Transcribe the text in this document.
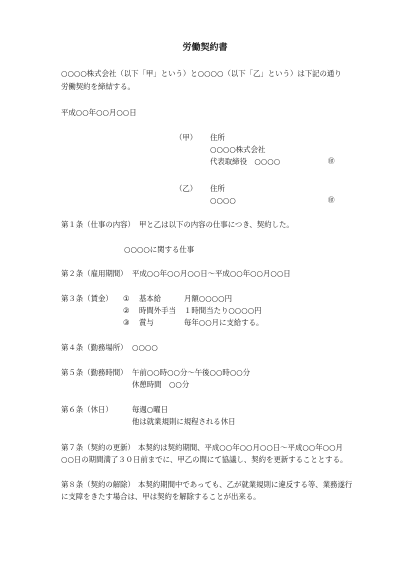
労働契約書
○○○○株式会社（以下「甲」という）と○○○○（以下「乙」という）は下記の通り
労働契約を締結する。
平成○○年○○月○○日
（甲） 住所
○○○○株式会社
代表取締役　○○○○	㊞
（乙） 住所
○○○○	㊞
第１条（仕事の内容） 甲と乙は以下の内容の仕事につき、契約した。
○○○○に関する仕事
第２条（雇用期間） 平成○○年○○月○○日～平成○○年○○月○○日
第３条（賃金） ① 基本給	月額○○○○円
② 時間外手当 １時間当たり○○○○円
③ 賞与	毎年○○月に支給する。
第４条（勤務場所） ○○○○
第５条（勤務時間） 午前○○時○○分～午後○○時○○分
休憩時間　○○分
第６条（休日）	毎週○曜日
他は就業規則に規程される休日
第７条（契約の更新） 本契約は契約期間、平成○○年○○月○○日～平成○○年○○月
○○日の期間満了３０日前までに、甲乙の間にて協議し、契約を更新することとする。
第８条（契約の解除） 本契約期間中であっても、乙が就業規則に違反する等、業務遂行
に支障をきたす場合は、甲は契約を解除することが出来る。
